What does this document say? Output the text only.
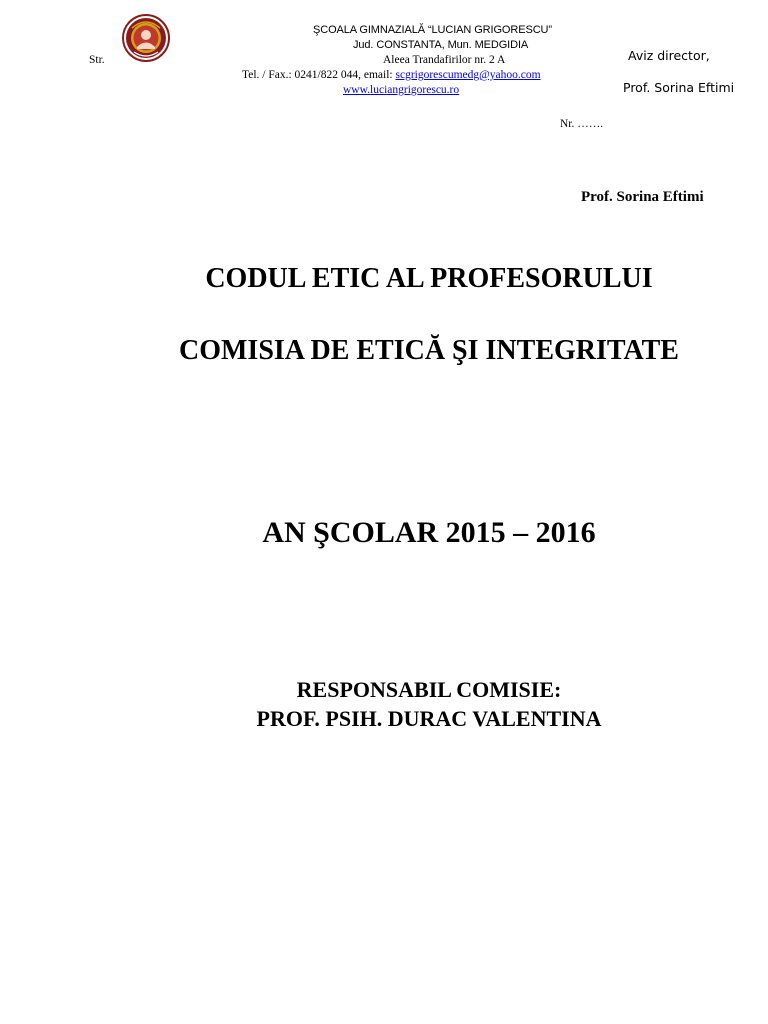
ŞCOALA GIMNAZIALĂ “LUCIAN GRIGORESCU”
Jud. CONSTANTA, Mun. MEDGIDIA
Str.	Aleea Trandafirilor nr. 2 A
Tel. / Fax.: 0241/822 044, email: scgrigorescumedg@yahoo.com
www.luciangrigorescu.ro
Aviz director,
Prof. Sorina Eftimi
Nr. …….
Prof. Sorina Eftimi
CODUL ETIC AL PROFESORULUI
COMISIA DE ETICĂ ŞI INTEGRITATE
AN ŞCOLAR 2015 – 2016
RESPONSABIL COMISIE:
PROF. PSIH. DURAC VALENTINA
